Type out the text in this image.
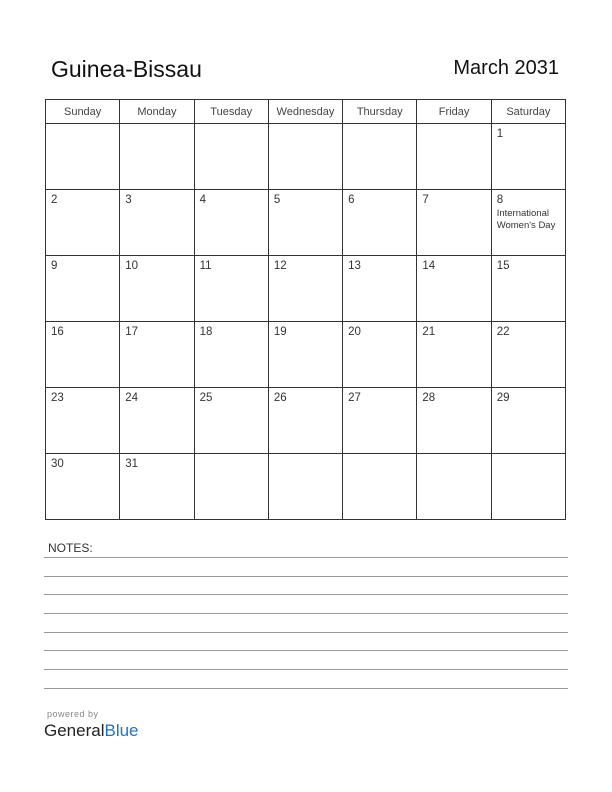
Guinea-Bissau	March 2031
Sunday	Monday	Tuesday	Wednesday	Thursday	Friday	Saturday

						1

2	3	4	5	6	7	8
International Women's Day

9	10	11	12	13	14	15

16	17	18	19	20	21	22

23	24	25	26	27	28	29

30	31					

NOTES:
powered by
GeneralBlue
